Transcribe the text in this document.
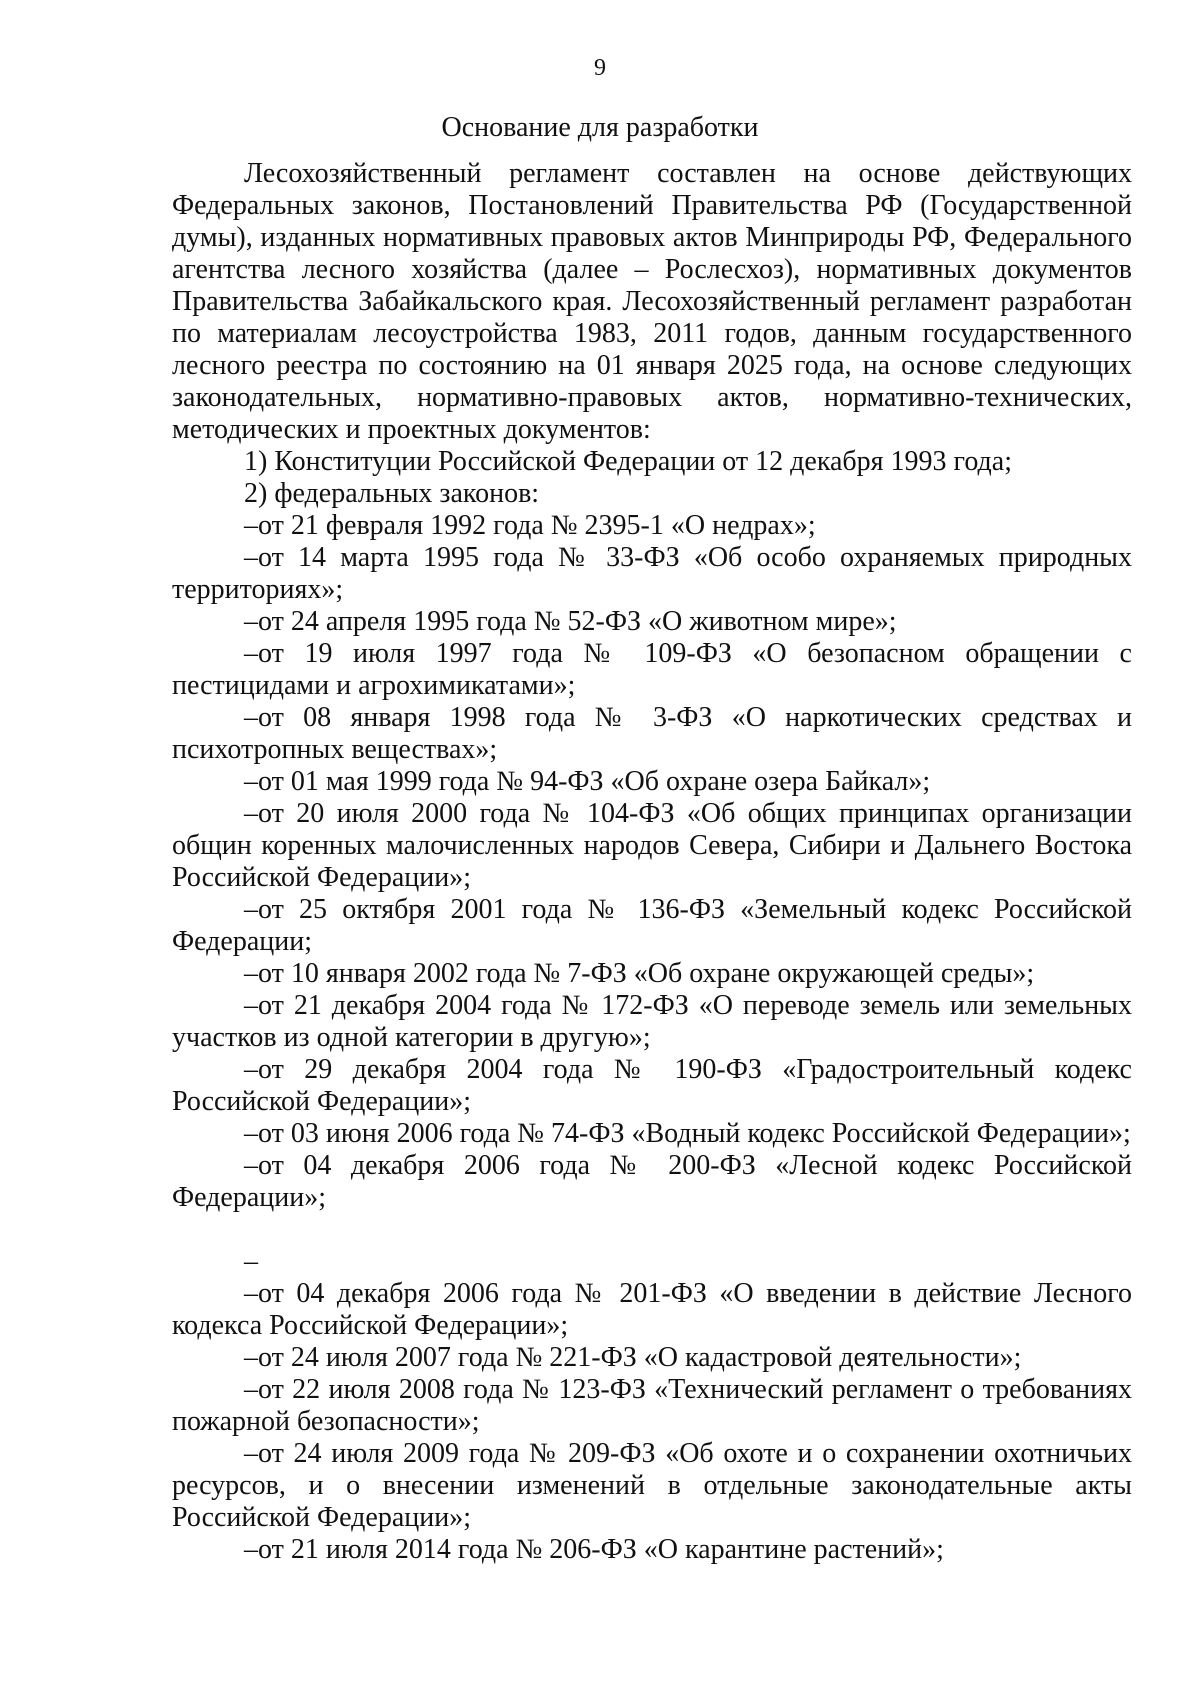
9
Основание для разработки

Лесохозяйственный регламент составлен на основе действующих Федеральных законов, Постановлений Правительства РФ (Государственной думы), изданных нормативных правовых актов Минприроды РФ, Федерального агентства лесного хозяйства (далее – Рослесхоз), нормативных документов Правительства Забайкальского края. Лесохозяйственный регламент разработан по материалам лесоустройства 1983, 2011 годов, данным государственного лесного реестра по состоянию на 01 января 2025 года, на основе следующих законодательных, нормативно-правовых актов, нормативно-технических, методических и проектных документов:

1) Конституции Российской Федерации от 12 декабря 1993 года;

2) федеральных законов:

–от 21 февраля 1992 года № 2395-1 «О недрах»;

–от 14 марта 1995 года № 33-ФЗ «Об особо охраняемых природных территориях»;

–от 24 апреля 1995 года № 52-ФЗ «О животном мире»;

–от 19 июля 1997 года № 109-ФЗ «О безопасном обращении с пестицидами и агрохимикатами»;

–от 08 января 1998 года № 3-ФЗ «О наркотических средствах и психотропных веществах»;

–от 01 мая 1999 года № 94-ФЗ «Об охране озера Байкал»;

–от 20 июля 2000 года № 104-ФЗ «Об общих принципах организации общин коренных малочисленных народов Севера, Сибири и Дальнего Востока Российской Федерации»;

–от 25 октября 2001 года № 136-ФЗ «Земельный кодекс Российской Федерации;

–от 10 января 2002 года № 7-ФЗ «Об охране окружающей среды»;

–от 21 декабря 2004 года № 172-ФЗ «О переводе земель или земельных участков из одной категории в другую»;

–от 29 декабря 2004 года № 190-ФЗ «Градостроительный кодекс Российской Федерации»;

–от 03 июня 2006 года № 74-ФЗ «Водный кодекс Российской Федерации»;

–от 04 декабря 2006 года № 200-ФЗ «Лесной кодекс Российской Федерации»;

–

–от 04 декабря 2006 года № 201-ФЗ «О введении в действие Лесного кодекса Российской Федерации»;

–от 24 июля 2007 года № 221-ФЗ «О кадастровой деятельности»;

–от 22 июля 2008 года № 123-ФЗ «Технический регламент о требованиях пожарной безопасности»;

–от 24 июля 2009 года № 209-ФЗ «Об охоте и о сохранении охотничьих ресурсов, и о внесении изменений в отдельные законодательные акты Российской Федерации»;

–от 21 июля 2014 года № 206-ФЗ «О карантине растений»;
